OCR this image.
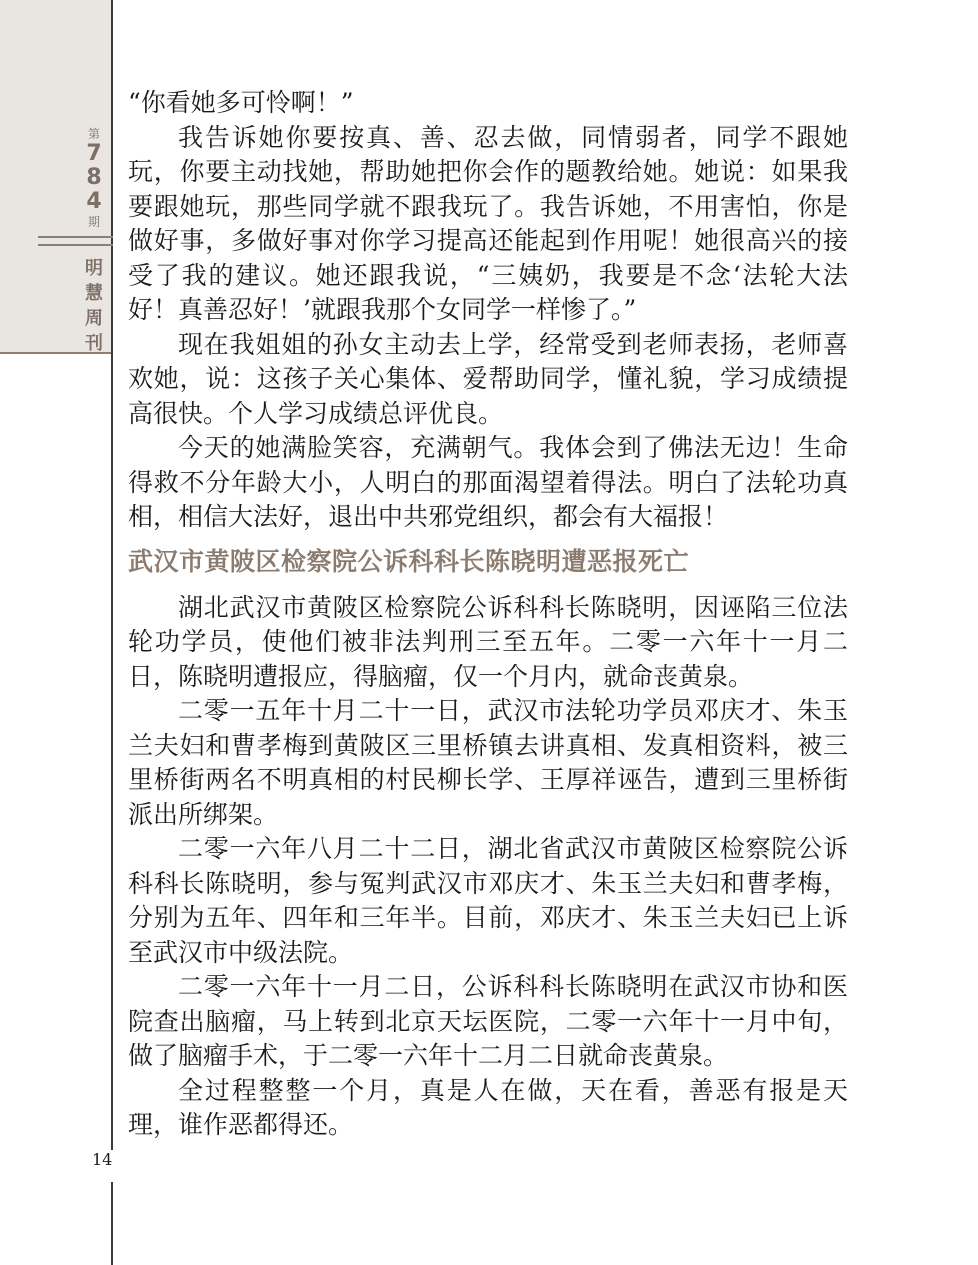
第
7
8
4
期
明
慧
周
刊

“你看她多可怜啊！”

我告诉她你要按真、善、忍去做，同情弱者，同学不跟她玩，你要主动找她，帮助她把你会作的题教给她。她说：如果我要跟她玩，那些同学就不跟我玩了。我告诉她，不用害怕，你是做好事，多做好事对你学习提高还能起到作用呢！她很高兴的接受了我的建议。她还跟我说，“三姨奶，我要是不念‘法轮大法好！真善忍好！’就跟我那个女同学一样惨了。”

现在我姐姐的孙女主动去上学，经常受到老师表扬，老师喜欢她，说：这孩子关心集体、爱帮助同学，懂礼貌，学习成绩提高很快。个人学习成绩总评优良。

今天的她满脸笑容，充满朝气。我体会到了佛法无边！生命得救不分年龄大小，人明白的那面渴望着得法。明白了法轮功真相，相信大法好，退出中共邪党组织，都会有大福报！

武汉市黄陂区检察院公诉科科长陈晓明遭恶报死亡

湖北武汉市黄陂区检察院公诉科科长陈晓明，因诬陷三位法轮功学员，使他们被非法判刑三至五年。二零一六年十一月二日，陈晓明遭报应，得脑瘤，仅一个月内，就命丧黄泉。

二零一五年十月二十一日，武汉市法轮功学员邓庆才、朱玉兰夫妇和曹孝梅到黄陂区三里桥镇去讲真相、发真相资料，被三里桥街两名不明真相的村民柳长学、王厚祥诬告，遭到三里桥街派出所绑架。

二零一六年八月二十二日，湖北省武汉市黄陂区检察院公诉科科长陈晓明，参与冤判武汉市邓庆才、朱玉兰夫妇和曹孝梅，分别为五年、四年和三年半。目前，邓庆才、朱玉兰夫妇已上诉至武汉市中级法院。

二零一六年十一月二日，公诉科科长陈晓明在武汉市协和医院查出脑瘤，马上转到北京天坛医院，二零一六年十一月中旬，做了脑瘤手术，于二零一六年十二月二日就命丧黄泉。

全过程整整一个月，真是人在做，天在看，善恶有报是天理，谁作恶都得还。

14
